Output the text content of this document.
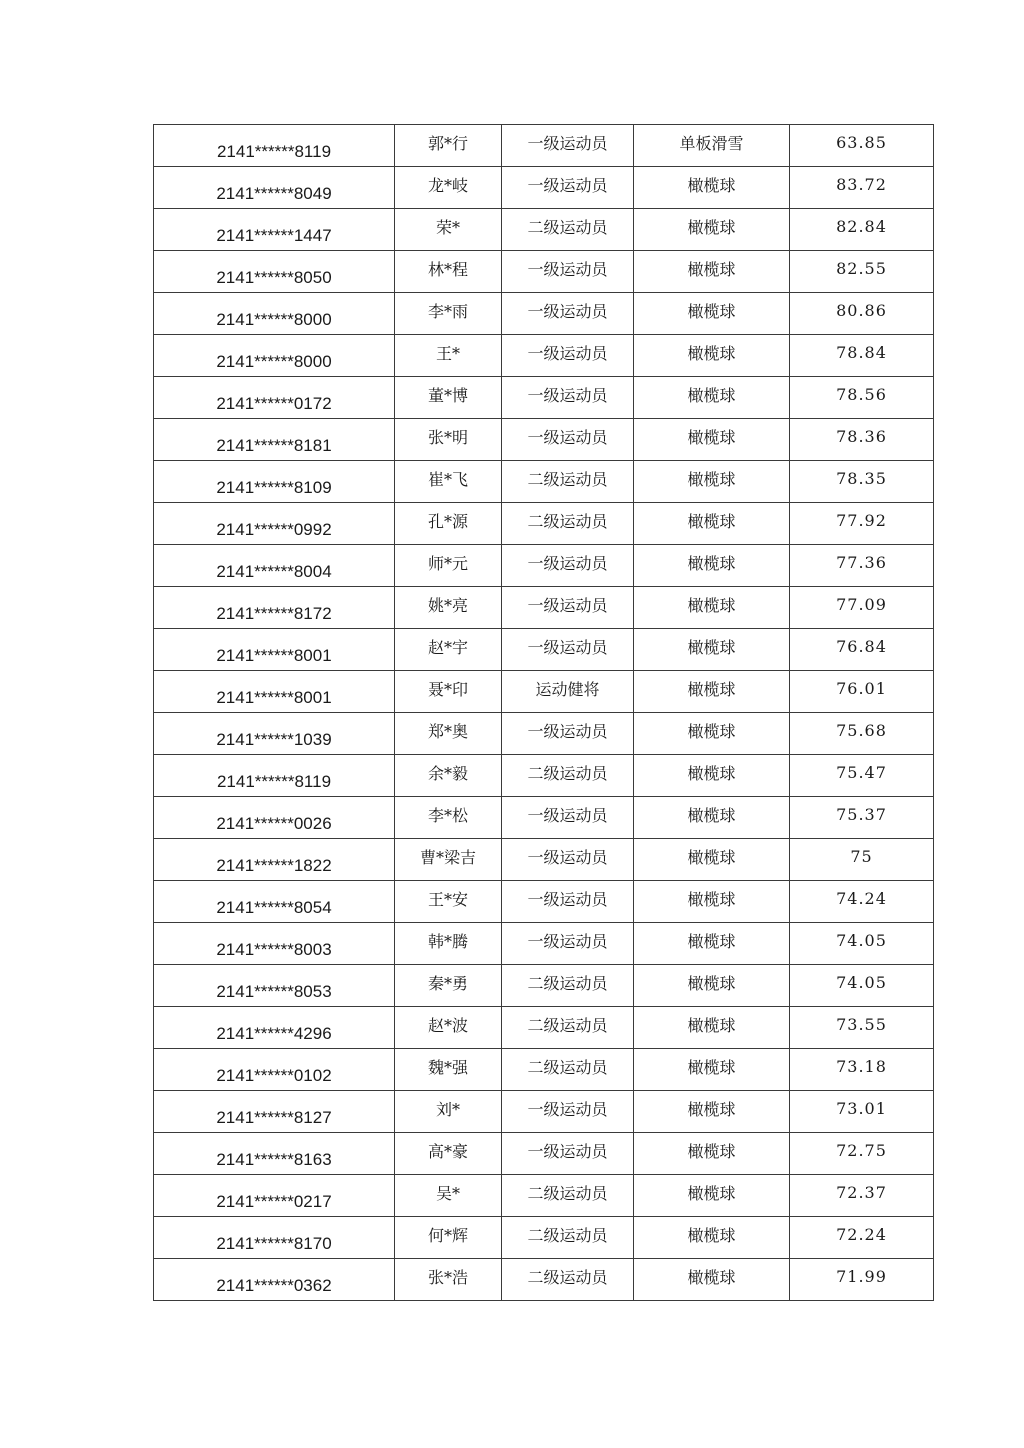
2141******8119	郭*行	一级运动员	单板滑雪	63.85
2141******8049	龙*岐	一级运动员	橄榄球	83.72
2141******1447	荣*	二级运动员	橄榄球	82.84
2141******8050	林*程	一级运动员	橄榄球	82.55
2141******8000	李*雨	一级运动员	橄榄球	80.86
2141******8000	王*	一级运动员	橄榄球	78.84
2141******0172	董*博	一级运动员	橄榄球	78.56
2141******8181	张*明	一级运动员	橄榄球	78.36
2141******8109	崔*飞	二级运动员	橄榄球	78.35
2141******0992	孔*源	二级运动员	橄榄球	77.92
2141******8004	师*元	一级运动员	橄榄球	77.36
2141******8172	姚*亮	一级运动员	橄榄球	77.09
2141******8001	赵*宇	一级运动员	橄榄球	76.84
2141******8001	聂*印	运动健将	橄榄球	76.01
2141******1039	郑*奥	一级运动员	橄榄球	75.68
2141******8119	余*毅	二级运动员	橄榄球	75.47
2141******0026	李*松	一级运动员	橄榄球	75.37
2141******1822	曹*梁吉	一级运动员	橄榄球	75
2141******8054	王*安	一级运动员	橄榄球	74.24
2141******8003	韩*腾	一级运动员	橄榄球	74.05
2141******8053	秦*勇	二级运动员	橄榄球	74.05
2141******4296	赵*波	二级运动员	橄榄球	73.55
2141******0102	魏*强	二级运动员	橄榄球	73.18
2141******8127	刘*	一级运动员	橄榄球	73.01
2141******8163	高*豪	一级运动员	橄榄球	72.75
2141******0217	吴*	二级运动员	橄榄球	72.37
2141******8170	何*辉	二级运动员	橄榄球	72.24
2141******0362	张*浩	二级运动员	橄榄球	71.99
